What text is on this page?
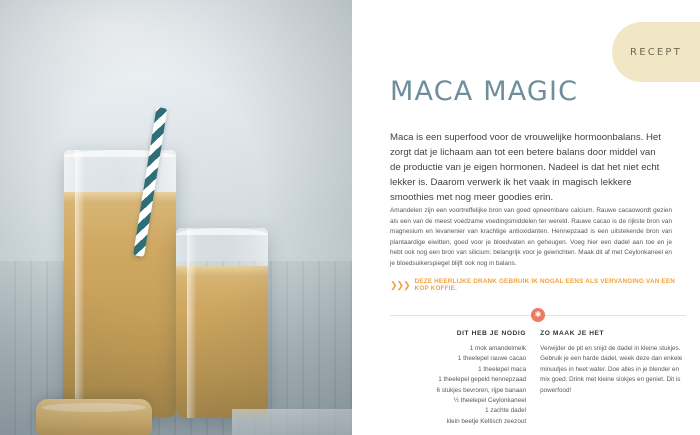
RECEPT
MACA MAGIC

Maca is een superfood voor de vrouwelijke hormoonbalans. Het zorgt dat je lichaam aan tot een betere balans door middel van de productie van je eigen hormonen. Nadeel is dat het niet echt lekker is. Daarom verwerk ik het vaak in magisch lekkere smoothies met nog meer goodies erin.

Amandelen zijn een voortreffelijke bron van goed opneembare calcium. Rauwe cacaowordt gezien als een van de meest voedzame voedingsmiddelen ter wereld. Rauwe cacao is de rijkste bron van magnesium en levanenier van krachtige antioxidanten. Hennepzaad is een uitstekende bron van plantaardige eiwitten, goed voor je bloedvaten en geheugen. Voeg hier een dadel aan toe en je hebt ook nog een bron van silicium: belangrijk voor je gewrichten. Maak dit af met Ceylonkaneel en je bloedsuikerspiegel blijft ook nog in balans.

❯❯❯ DEZE HEERLIJKE DRANK GEBRUIK IK NOGAL EENS ALS VERVANGING VAN EEN KOP KOFFIE.
✱
DIT HEB JE NODIG
1 mok amandelmelk
1 theelepel rauwe cacao
1 theelepel maca
1 theelepel gepeld hennepzaad
6 stukjes bevroren, rijpe banaan
½ theelepel Ceylonkaneel
1 zachte dadel
klein beetje Keltisch zeezout
ZO MAAK JE HET

Verwijder de pit en snijd de dadel in kleine stukjes. Gebruik je een harde dadel, week deze dan enkele minuutjes in heet water. Doe alles in je blender en mix goed. Drink met kleine slokjes en geniet. Dit is powerfood!
